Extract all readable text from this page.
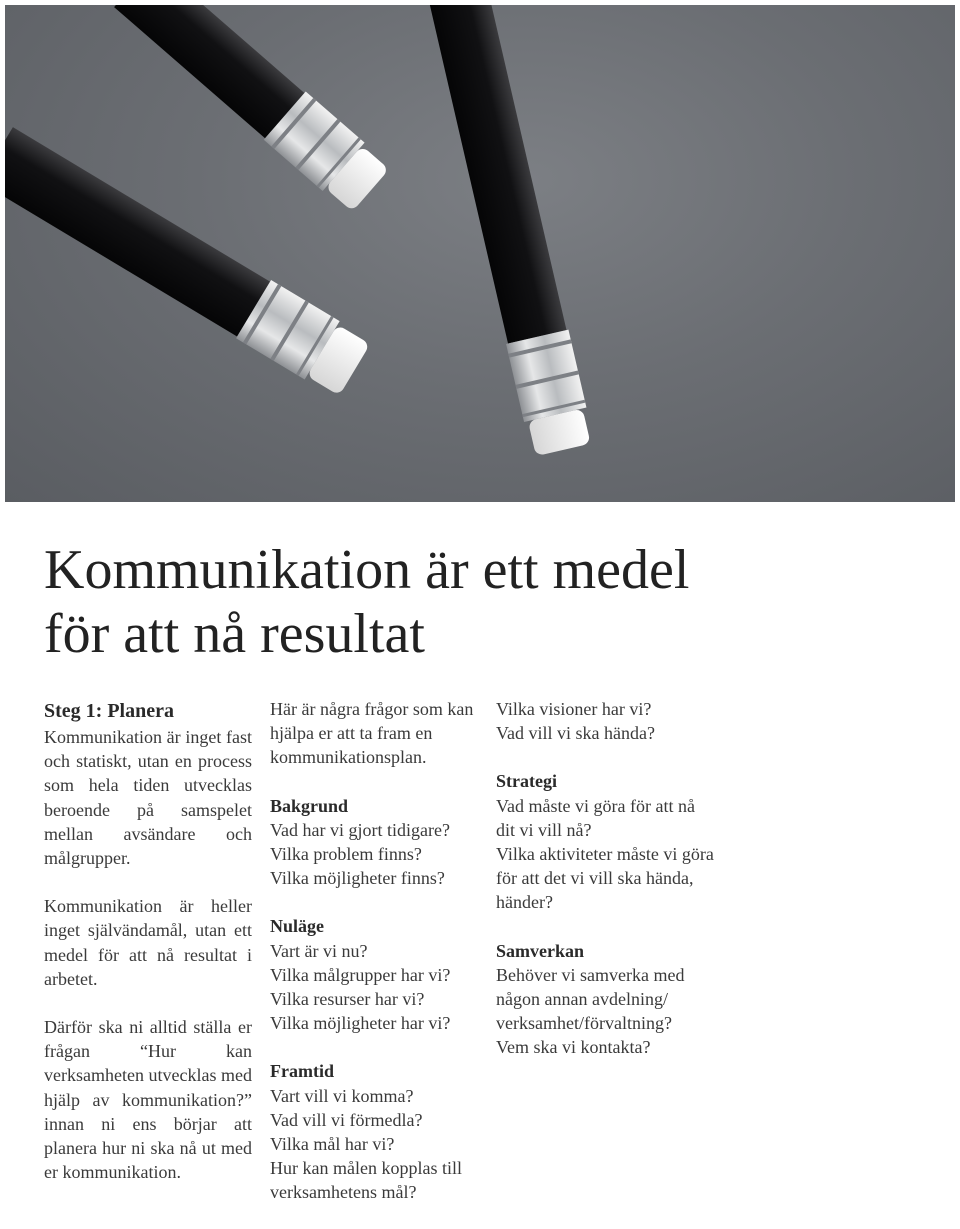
Kommunikation är ett medel
för att nå resultat
Steg 1: Planera

Kommunikation är inget fast och statiskt, utan en process som hela tiden utvecklas beroende på samspelet mellan avsändare och målgrupper.

Kommunikation är heller inget självändamål, utan ett medel för att nå resultat i arbetet.

Därför ska ni alltid ställa er frågan “Hur kan verksamheten utvecklas med hjälp av kommunikation?” innan ni ens börjar att planera hur ni ska nå ut med er kommunikation.

Här är några frågor som kan hjälpa er att ta fram en kommunikationsplan.

Bakgrund
Vad har vi gjort tidigare?
Vilka problem finns?
Vilka möjligheter finns?
Nuläge
Vart är vi nu?
Vilka målgrupper har vi?
Vilka resurser har vi?
Vilka möjligheter har vi?
Framtid
Vart vill vi komma?
Vad vill vi förmedla?
Vilka mål har vi?
Hur kan målen kopplas till verksamhetens mål?
Vilka visioner har vi?
Vad vill vi ska hända?
Strategi
Vad måste vi göra för att nå dit vi vill nå?
Vilka aktiviteter måste vi göra för att det vi vill ska hända, händer?
Samverkan
Behöver vi samverka med någon annan avdelning/ verksamhet/förvaltning?
Vem ska vi kontakta?
